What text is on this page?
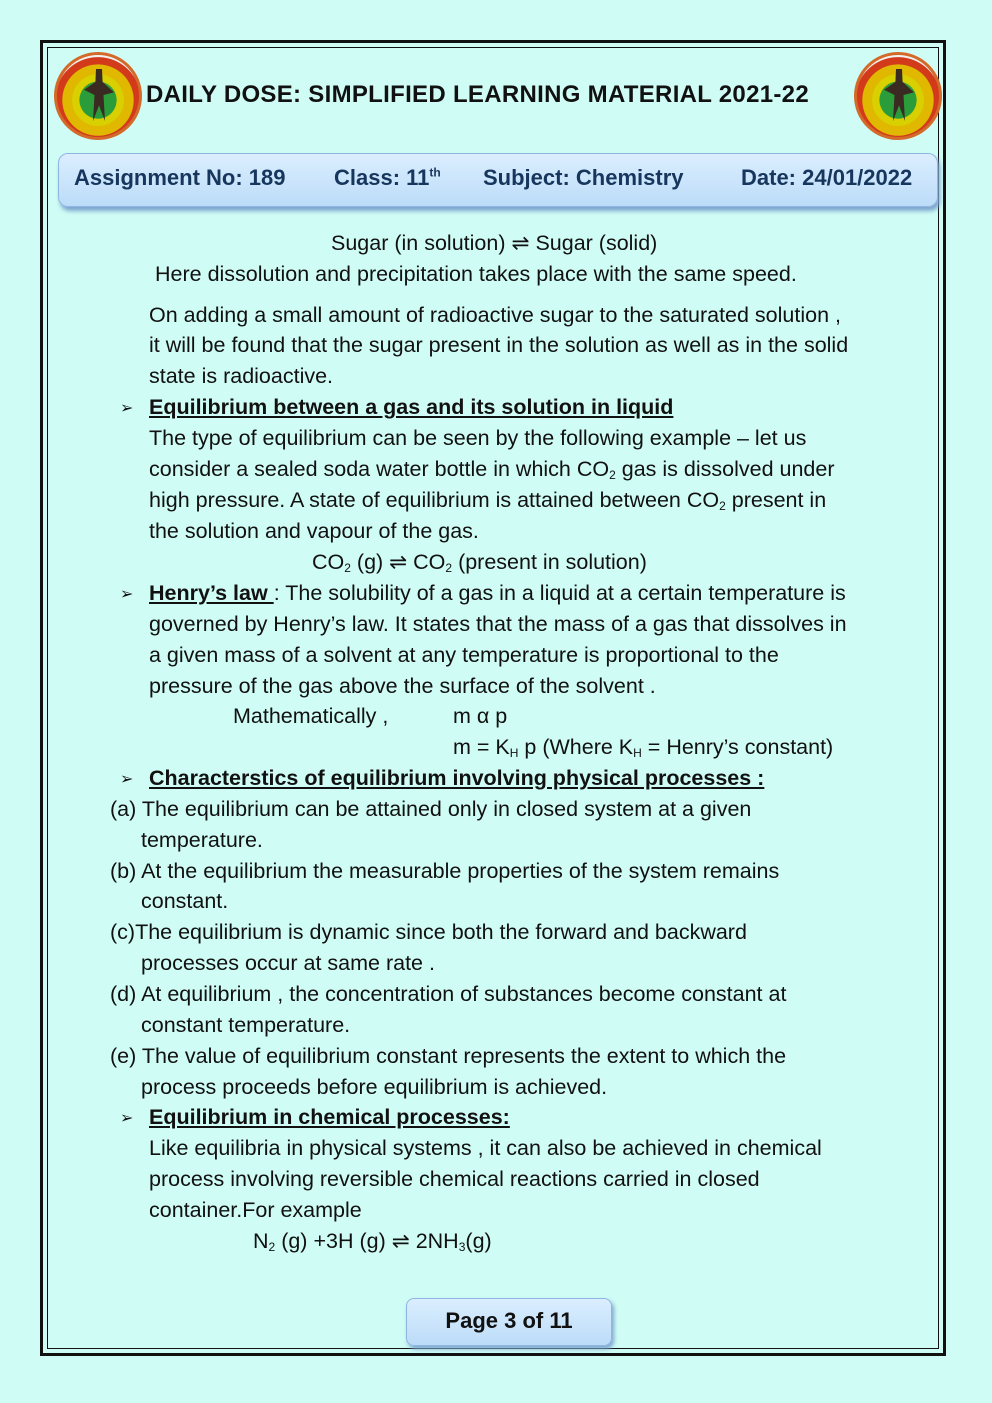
DAILY DOSE: SIMPLIFIED LEARNING MATERIAL 2021-22
Assignment No: 189 Class: 11th Subject: Chemistry	Date: 24/01/2022
Sugar (in solution) ⇌ Sugar (solid)
Here dissolution and precipitation takes place with the same speed.
On adding a small amount of radioactive sugar to the saturated solution ,
it will be found that the sugar present in the solution as well as in the solid
state is radioactive.
➢ Equilibrium between a gas and its solution in liquid
The type of equilibrium can be seen by the following example – let us
consider a sealed soda water bottle in which $CO_2$ gas is dissolved under
high pressure. A state of equilibrium is attained between $CO_2$ present in
the solution and vapour of the gas.
$CO_2$ (g) ⇌ $CO_2$ (present in solution)
➢ Henry’s law : The solubility of a gas in a liquid at a certain temperature is
governed by Henry’s law. It states that the mass of a gas that dissolves in
a given mass of a solvent at any temperature is proportional to the
pressure of the gas above the surface of the solvent .
Mathematically ,	m α p
$m = K_H$ p (Where $K_H$ = Henry’s constant)
➢ Characterstics of equilibrium involving physical processes :
(a) The equilibrium can be attained only in closed system at a given
temperature.
(b) At the equilibrium the measurable properties of the system remains
constant.
(c)The equilibrium is dynamic since both the forward and backward
processes occur at same rate .
(d) At equilibrium , the concentration of substances become constant at
constant temperature.
(e) The value of equilibrium constant represents the extent to which the
process proceeds before equilibrium is achieved.
➢ Equilibrium in chemical processes:
Like equilibria in physical systems , it can also be achieved in chemical
process involving reversible chemical reactions carried in closed
container.For example
$N_2$ (g) +3H (g) ⇌ $2NH_3(g)$
Page 3 of 11
